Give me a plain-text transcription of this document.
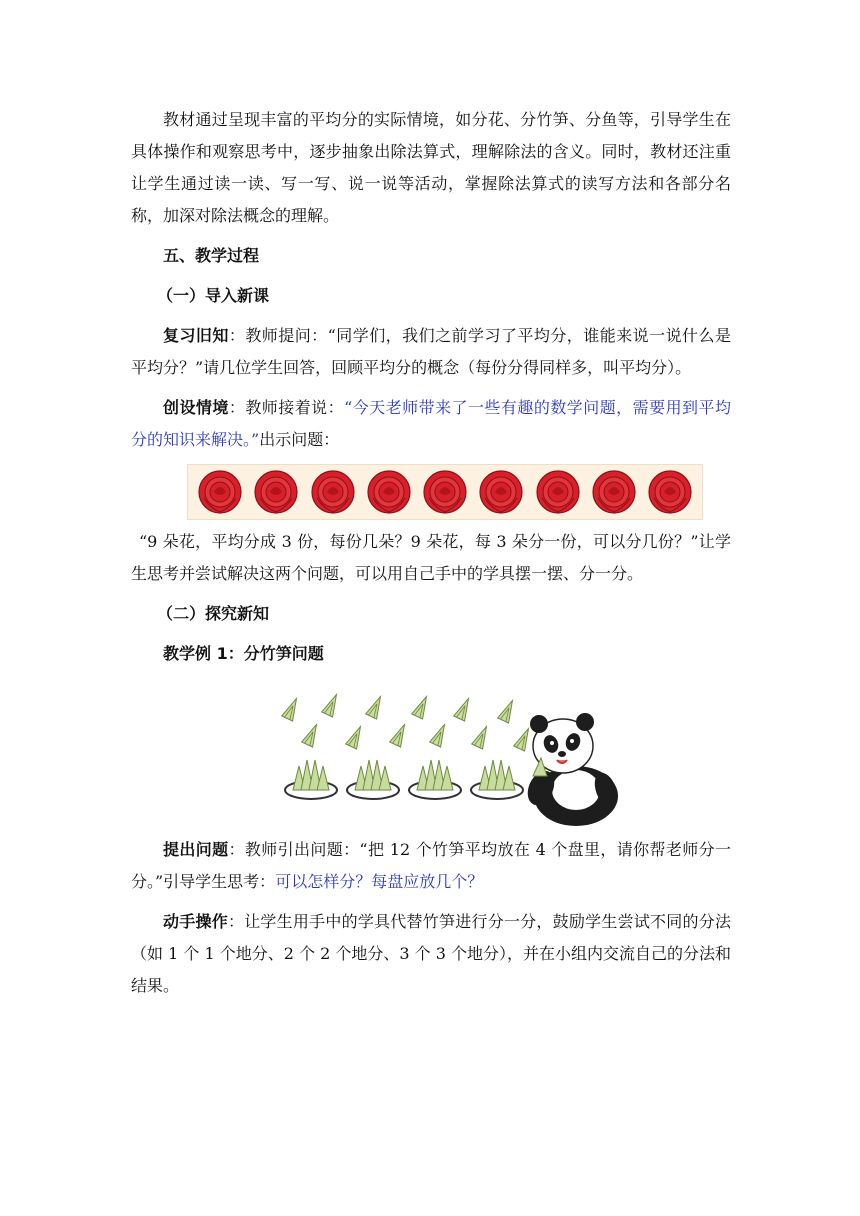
教材通过呈现丰富的平均分的实际情境，如分花、分竹笋、分鱼等，引导学生在具体操作和观察思考中，逐步抽象出除法算式，理解除法的含义。同时，教材还注重让学生通过读一读、写一写、说一说等活动，掌握除法算式的读写方法和各部分名称，加深对除法概念的理解。

五、教学过程

（一）导入新课

复习旧知：教师提问：“同学们，我们之前学习了平均分，谁能来说一说什么是平均分？”请几位学生回答，回顾平均分的概念（每份分得同样多，叫平均分）。

创设情境：教师接着说：“今天老师带来了一些有趣的数学问题，需要用到平均分的知识来解决。”出示问题：

“9 朵花，平均分成 3 份，每份几朵？9 朵花，每 3 朵分一份，可以分几份？”让学生思考并尝试解决这两个问题，可以用自己手中的学具摆一摆、分一分。

（二）探究新知

教学例 1：分竹笋问题

提出问题：教师引出问题：“把 12 个竹笋平均放在 4 个盘里，请你帮老师分一分。”引导学生思考：可以怎样分？每盘应放几个？

动手操作：让学生用手中的学具代替竹笋进行分一分，鼓励学生尝试不同的分法（如 1 个 1 个地分、2 个 2 个地分、3 个 3 个地分），并在小组内交流自己的分法和结果。
